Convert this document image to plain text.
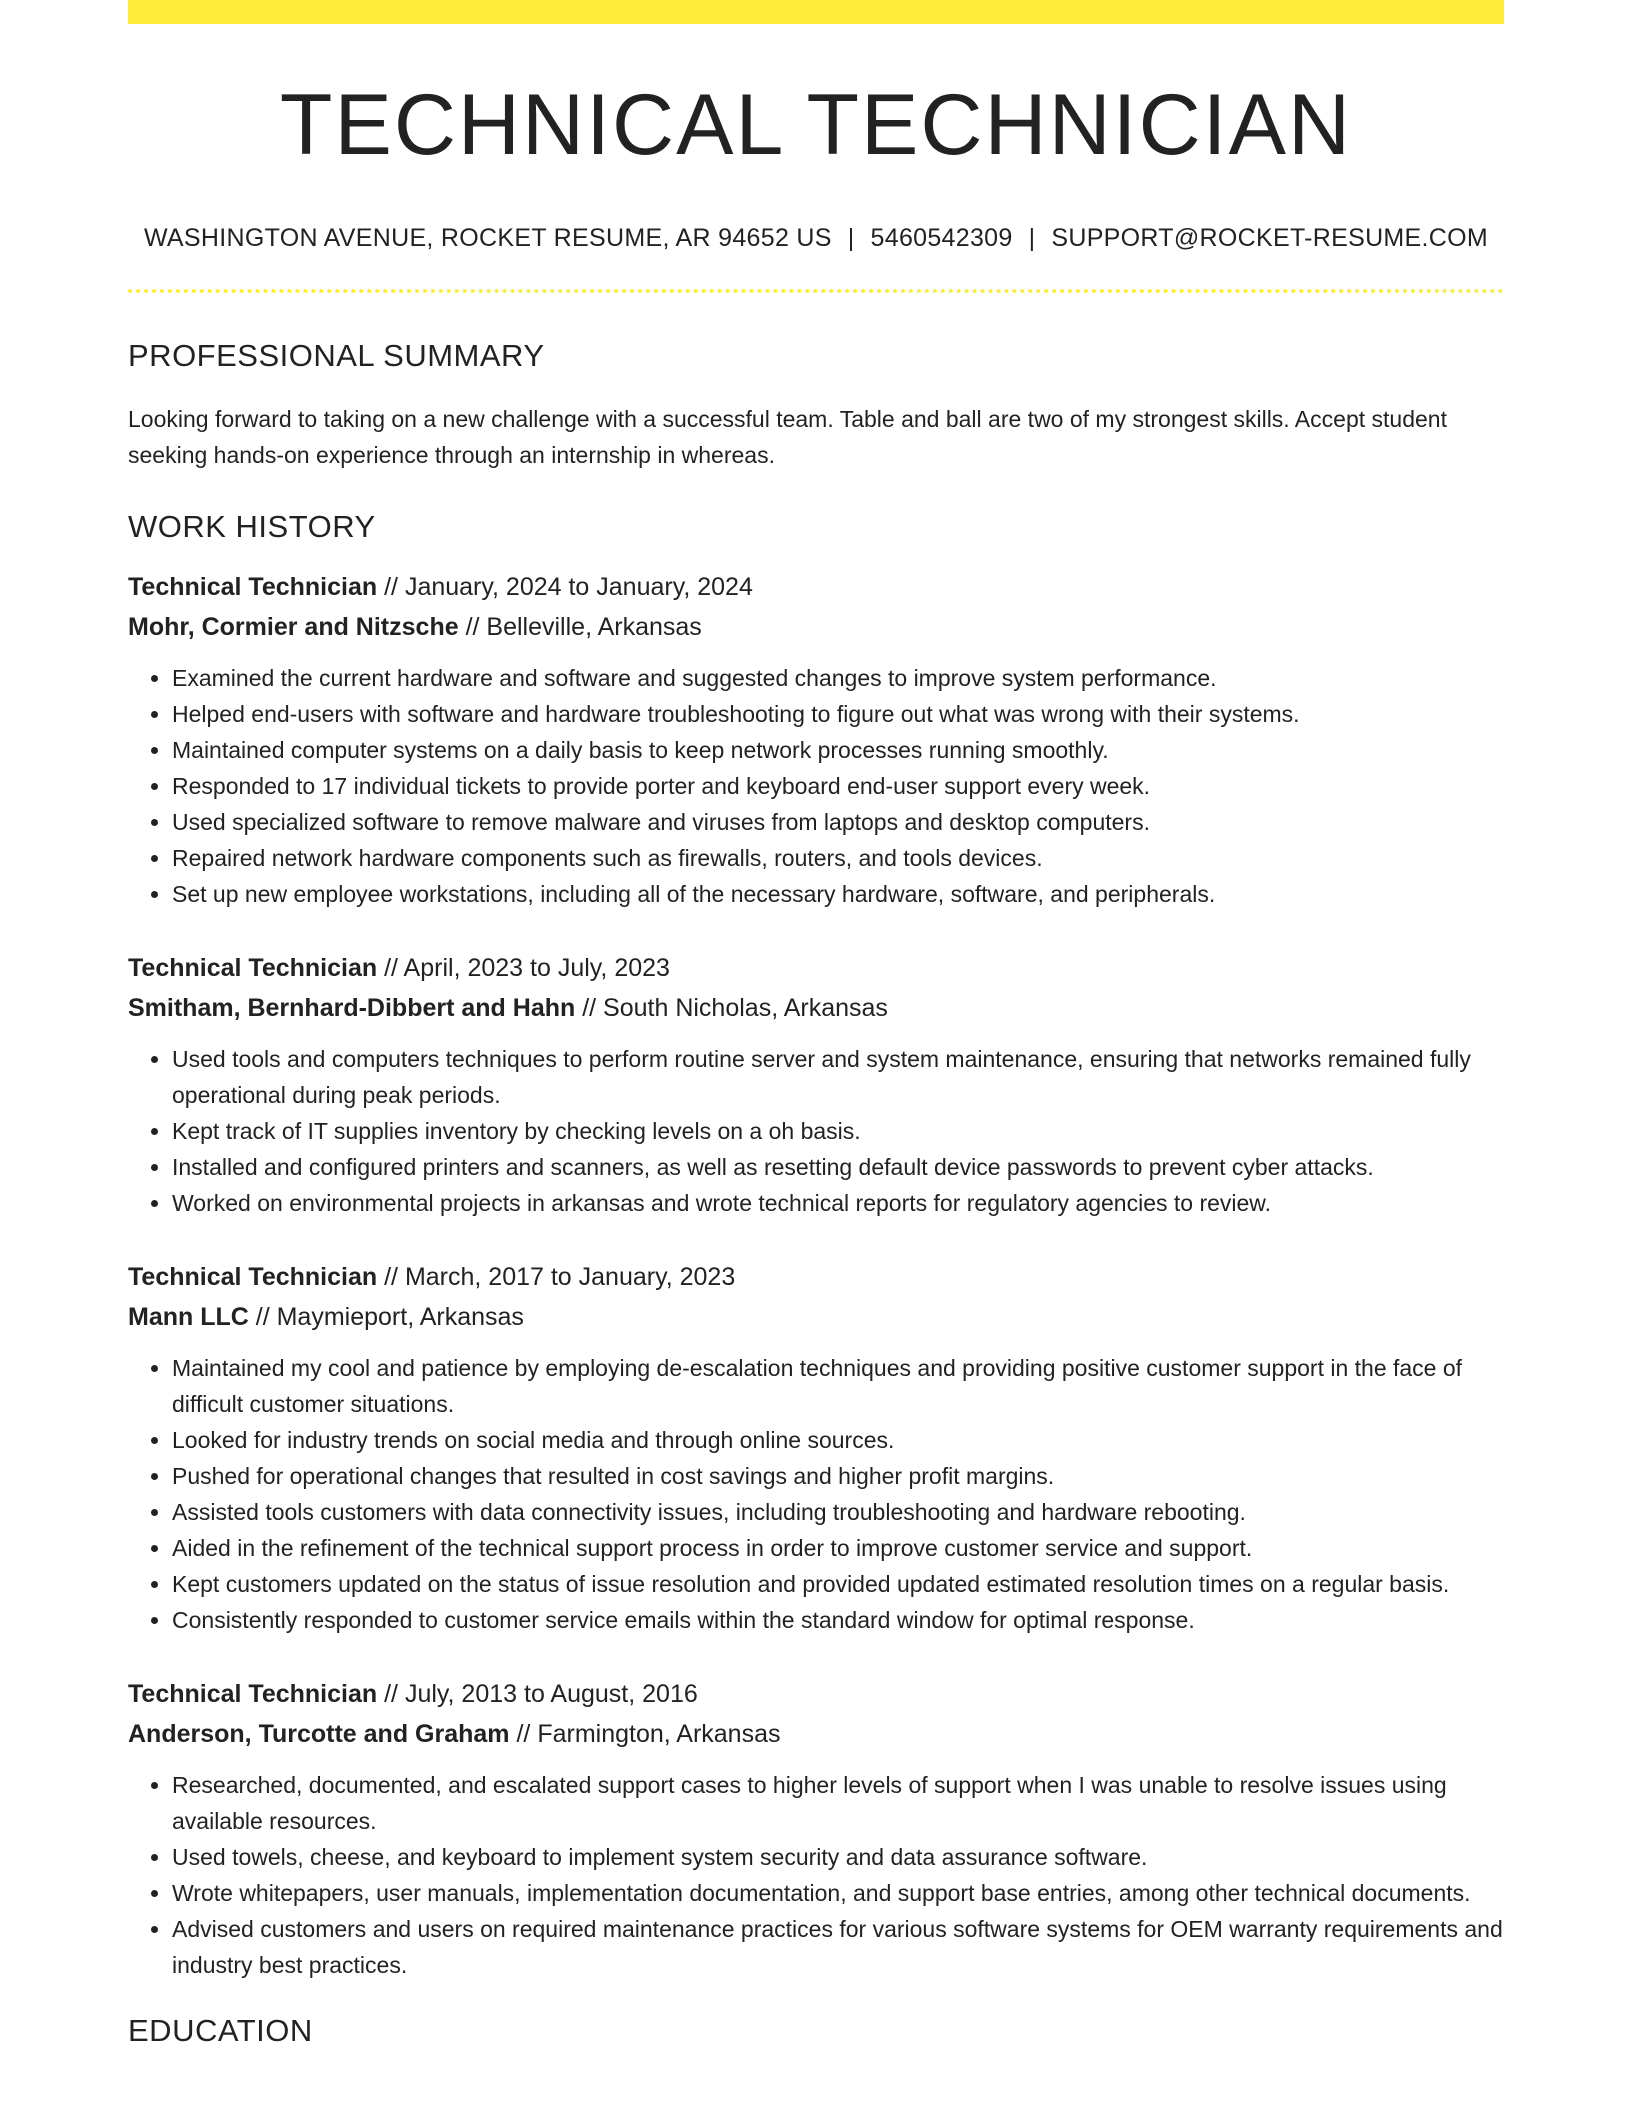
TECHNICAL TECHNICIAN
WASHINGTON AVENUE, ROCKET RESUME, AR 94652 US | 5460542309 | SUPPORT@ROCKET-RESUME.COM
PROFESSIONAL SUMMARY

Looking forward to taking on a new challenge with a successful team. Table and ball are two of my strongest skills. Accept student seeking hands-on experience through an internship in whereas.

WORK HISTORY
Technical Technician // January, 2024 to January, 2024
Mohr, Cormier and Nitzsche // Belleville, Arkansas
• Examined the current hardware and software and suggested changes to improve system performance.
• Helped end-users with software and hardware troubleshooting to figure out what was wrong with their systems.
• Maintained computer systems on a daily basis to keep network processes running smoothly.
• Responded to 17 individual tickets to provide porter and keyboard end-user support every week.
• Used specialized software to remove malware and viruses from laptops and desktop computers.
• Repaired network hardware components such as firewalls, routers, and tools devices.
• Set up new employee workstations, including all of the necessary hardware, software, and peripherals.
Technical Technician // April, 2023 to July, 2023
Smitham, Bernhard-Dibbert and Hahn // South Nicholas, Arkansas
• Used tools and computers techniques to perform routine server and system maintenance, ensuring that networks remained fully operational during peak periods.
• Kept track of IT supplies inventory by checking levels on a oh basis.
• Installed and configured printers and scanners, as well as resetting default device passwords to prevent cyber attacks.
• Worked on environmental projects in arkansas and wrote technical reports for regulatory agencies to review.
Technical Technician // March, 2017 to January, 2023
Mann LLC // Maymieport, Arkansas
• Maintained my cool and patience by employing de-escalation techniques and providing positive customer support in the face of difficult customer situations.
• Looked for industry trends on social media and through online sources.
• Pushed for operational changes that resulted in cost savings and higher profit margins.
• Assisted tools customers with data connectivity issues, including troubleshooting and hardware rebooting.
• Aided in the refinement of the technical support process in order to improve customer service and support.
• Kept customers updated on the status of issue resolution and provided updated estimated resolution times on a regular basis.
• Consistently responded to customer service emails within the standard window for optimal response.
Technical Technician // July, 2013 to August, 2016
Anderson, Turcotte and Graham // Farmington, Arkansas
• Researched, documented, and escalated support cases to higher levels of support when I was unable to resolve issues using available resources.
• Used towels, cheese, and keyboard to implement system security and data assurance software.
• Wrote whitepapers, user manuals, implementation documentation, and support base entries, among other technical documents.
• Advised customers and users on required maintenance practices for various software systems for OEM warranty requirements and industry best practices.
EDUCATION
